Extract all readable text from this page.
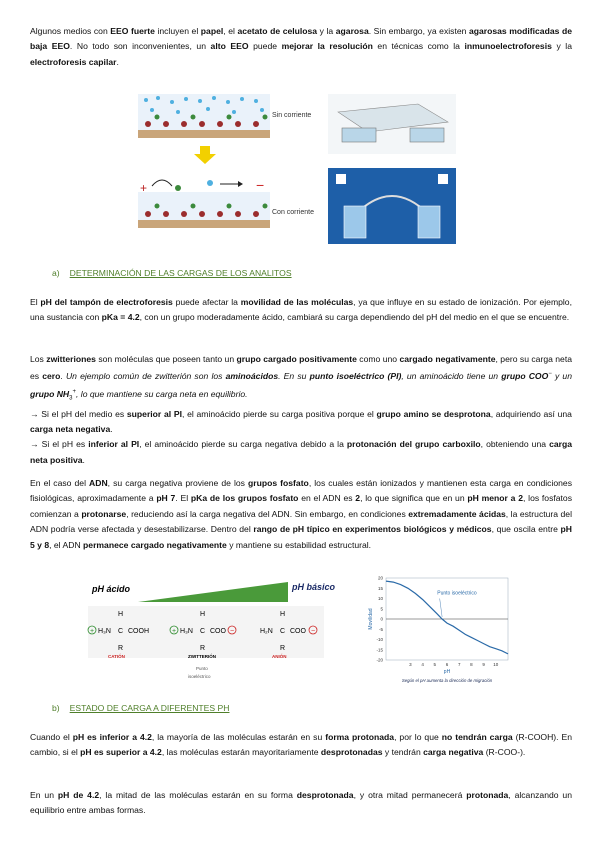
Algunos medios con EEO fuerte incluyen el papel, el acetato de celulosa y la agarosa. Sin embargo, ya existen agarosas modificadas de baja EEO. No todo son inconvenientes, un alto EEO puede mejorar la resolución en técnicas como la inmunoelectroforesis y la electroforesis capilar.

Sin corriente
+	−
Con corriente
a) DETERMINACIÓN DE LAS CARGAS DE LOS ANALITOS

El pH del tampón de electroforesis puede afectar la movilidad de las moléculas, ya que influye en su estado de ionización. Por ejemplo, una sustancia con pKa = 4.2, con un grupo moderadamente ácido, cambiará su carga dependiendo del pH del medio en el que se encuentre.

Los zwitteriones son moléculas que poseen tanto un grupo cargado positivamente como uno cargado negativamente, pero su carga neta es cero. Un ejemplo común de zwitterión son los aminoácidos. En su punto isoeléctrico (PI), un aminoácido tiene un grupo COO− y un grupo $NH_3^+$, lo que mantiene su carga neta en equilibrio.
→ Si el pH del medio es superior al PI, el aminoácido pierde su carga positiva porque el grupo amino se desprotona, adquiriendo así una carga neta negativa.
→ Si el pH es inferior al PI, el aminoácido pierde su carga negativa debido a la protonación del grupo carboxilo, obteniendo una carga neta positiva.

En el caso del ADN, su carga negativa proviene de los grupos fosfato, los cuales están ionizados y mantienen esta carga en condiciones fisiológicas, aproximadamente a pH 7. El pKa de los grupos fosfato en el ADN es 2, lo que significa que en un pH menor a 2, los fosfatos comienzan a protonarse, reduciendo así la carga negativa del ADN. Sin embargo, en condiciones extremadamente ácidas, la estructura del ADN podría verse afectada y desestabilizarse. Dentro del rango de pH típico en experimentos biológicos y médicos, que oscila entre pH 5 y 8, el ADN permanece cargado negativamente y mantiene su estabilidad estructural.

pH ácido	pH básico
H
+ H₃N C COOH
R
H
+ H₃N C COO −
R
H
H₂N C COO −
R
CATIÓN	ZWITTERIÓN	ANIÓN
Punto
isoeléctrico
20
15
10
5
0
-5
-10
-15
-20
3 4 5 6 7 8 9 10
Punto isoeléctrico
pH
Movilidad
Según el pH aumenta la dirección de migración
b) ESTADO DE CARGA A DIFERENTES PH

Cuando el pH es inferior a 4.2, la mayoría de las moléculas estarán en su forma protonada, por lo que no tendrán carga (R-COOH). En cambio, si el pH es superior a 4.2, las moléculas estarán mayoritariamente desprotonadas y tendrán carga negativa (R-COO-).

En un pH de 4.2, la mitad de las moléculas estarán en su forma desprotonada, y otra mitad permanecerá protonada, alcanzando un equilibrio entre ambas formas.
